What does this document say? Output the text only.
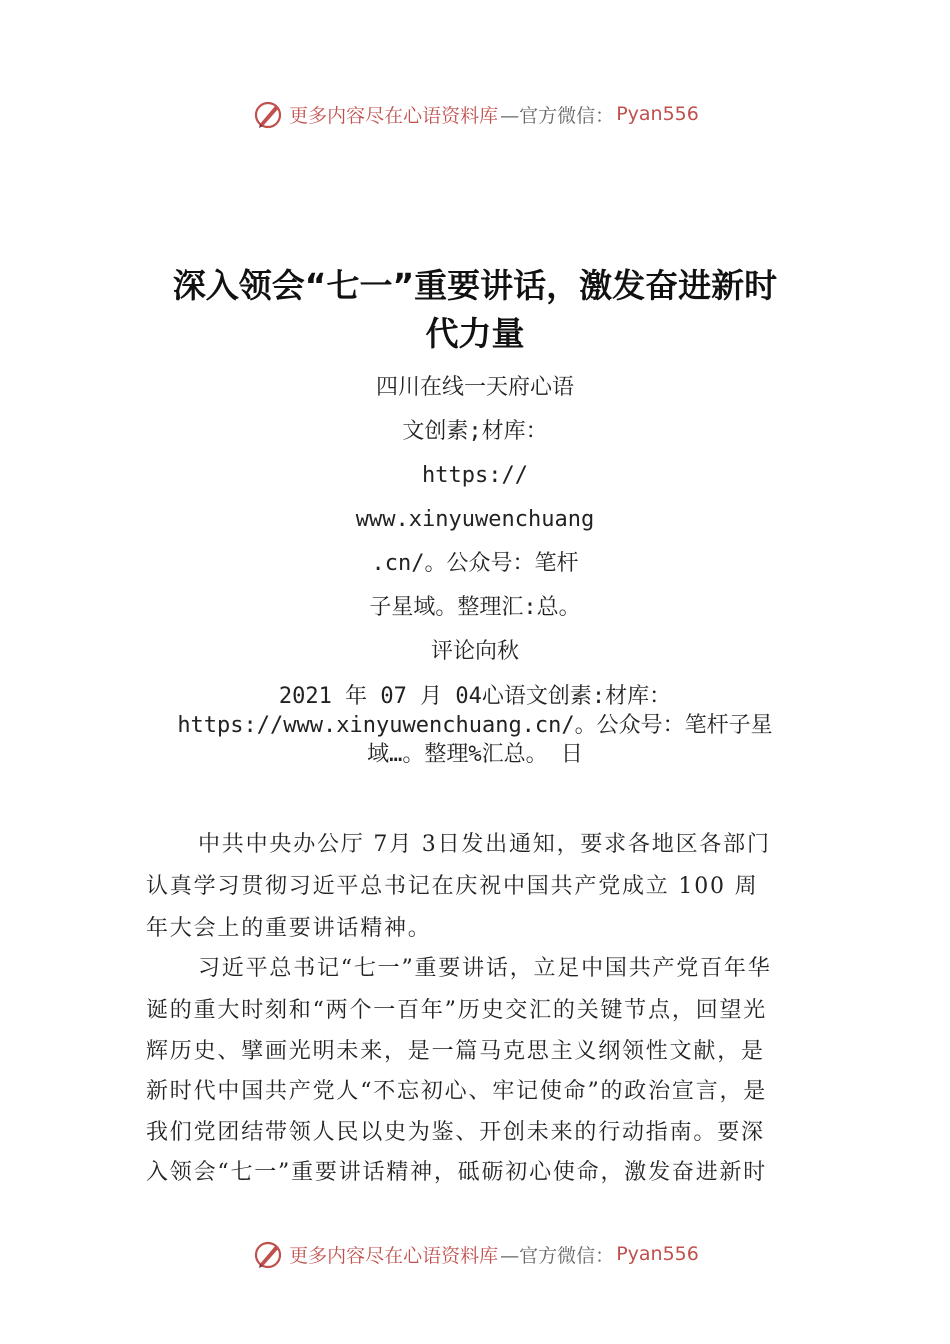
更多内容尽在心语资料库 —官方微信： Pyan556
深入领会“七一”重要讲话，激发奋进新时
代力量
四川在线一天府心语
文创素;材库：
https://
www.xinyuwenchuang
.cn/。公众号：笔杆
子星域。整理汇:总。
评论向秋
2021 年 07 月 04心语文创素:材库：
https://www.xinyuwenchuang.cn/。公众号：笔杆子星
域…。整理%汇总。 日
中共中央办公厅 7月 3日发出通知，要求各地区各部门
认真学习贯彻习近平总书记在庆祝中国共产党成立 100 周
年大会上的重要讲话精神。
习近平总书记“七一”重要讲话，立足中国共产党百年华
诞的重大时刻和“两个一百年”历史交汇的关键节点，回望光
辉历史、擘画光明未来，是一篇马克思主义纲领性文献，是
新时代中国共产党人“不忘初心、牢记使命”的政治宣言，是
我们党团结带领人民以史为鉴、开创未来的行动指南。要深
入领会“七一”重要讲话精神，砥砺初心使命，激发奋进新时
更多内容尽在心语资料库 —官方微信： Pyan556
